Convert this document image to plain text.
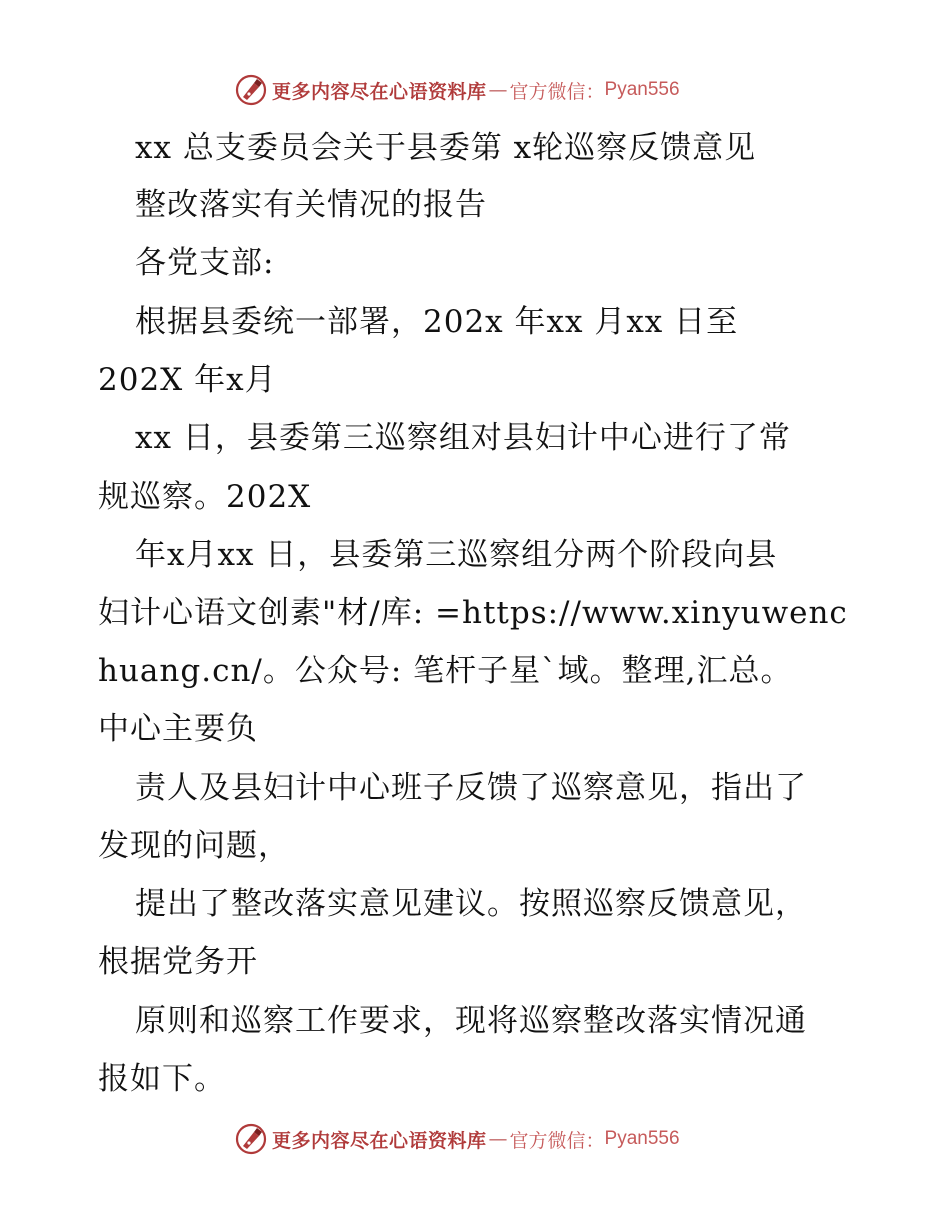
更多内容尽在心语资料库 — 官方微信： Pyan556
xx 总支委员会关于县委第 x轮巡察反馈意见
整改落实有关情况的报告
各党支部:
根据县委统一部署，202x 年xx 月xx 日至
202X 年x月
xx 日，县委第三巡察组对县妇计中心进行了常
规巡察。202X
年x月xx 日，县委第三巡察组分两个阶段向县
妇计心语文创素"材/库: =https://www.xinyuwenc
huang.cn/。公众号: 笔杆子星`域。整理,汇总。
中心主要负
责人及县妇计中心班子反馈了巡察意见，指出了
发现的问题，
提出了整改落实意见建议。按照巡察反馈意见，
根据党务开
原则和巡察工作要求，现将巡察整改落实情况通
报如下。
更多内容尽在心语资料库 — 官方微信： Pyan556
